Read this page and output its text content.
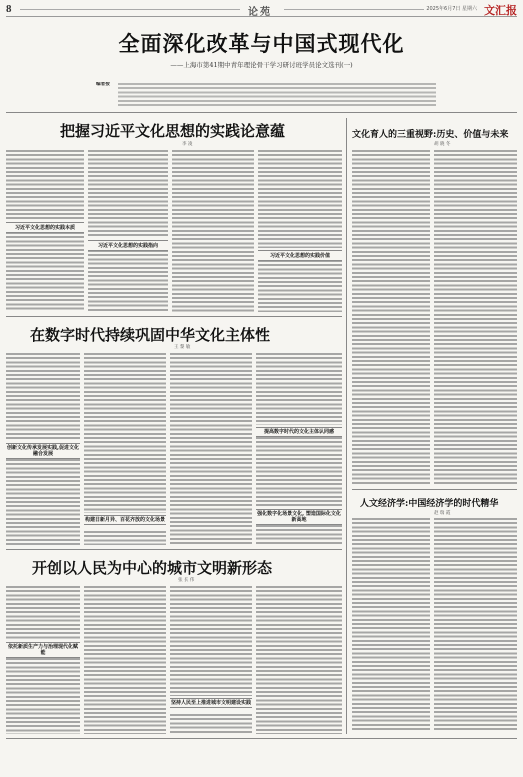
8	论苑	2025年6月7日 星期六 文汇报
全面深化改革与中国式现代化
——上海市第41期中青年理论骨干学习研讨班学员论文选刊(一)
编者按
把握习近平文化思想的实践论意蕴
李 凌
习近平文化思想的实践本质
习近平文化思想的实践指向
习近平文化思想的实践价值
文化育人的三重视野:历史、价值与未来
胡 晓 冬
人文经济学:中国经济学的时代精华
赵 瑞 霞
在数字时代持续巩固中华文化主体性
王 黎 敏
创新文化传承发展实践,促进文化融合发展
构建日新月异、百花齐放的文化场景
提高数字时代的文化主体认同感
强化数字化场景文化, 塑造国际化文化新高地
开创以人民为中心的城市文明新形态
张 长 伟
依托新质生产力与治理现代化赋能
坚持人民至上推进城市文明建设实践
